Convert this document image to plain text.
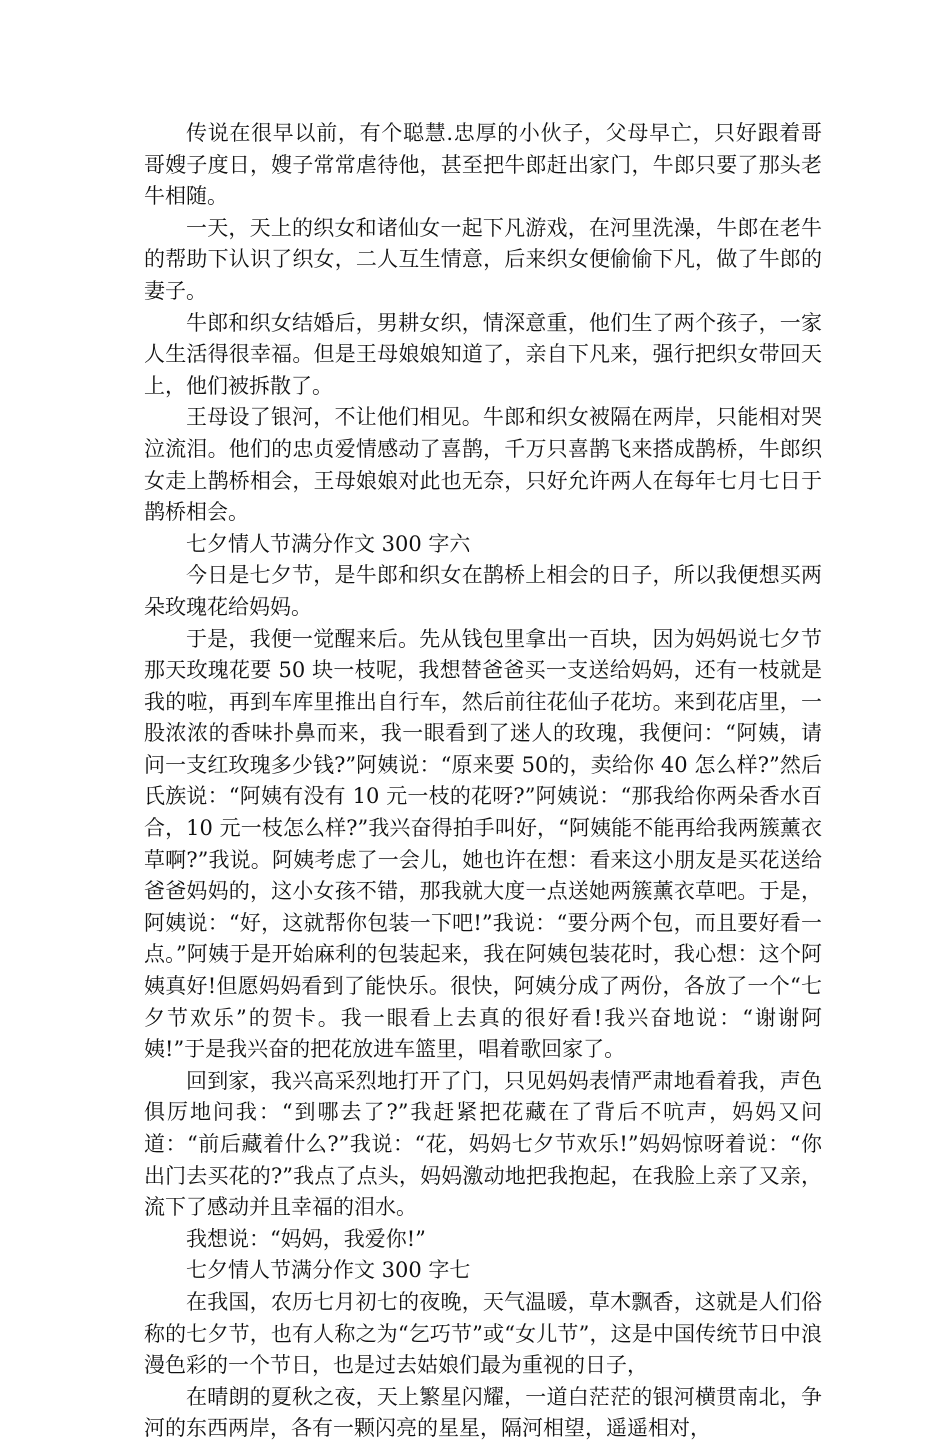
传说在很早以前，有个聪慧.忠厚的小伙子，父母早亡，只好跟着哥哥嫂子度日，嫂子常常虐待他，甚至把牛郎赶出家门，牛郎只要了那头老牛相随。

一天，天上的织女和诸仙女一起下凡游戏，在河里洗澡，牛郎在老牛的帮助下认识了织女，二人互生情意，后来织女便偷偷下凡，做了牛郎的妻子。

牛郎和织女结婚后，男耕女织，情深意重，他们生了两个孩子，一家人生活得很幸福。但是王母娘娘知道了，亲自下凡来，强行把织女带回天上，他们被拆散了。

王母设了银河，不让他们相见。牛郎和织女被隔在两岸，只能相对哭泣流泪。他们的忠贞爱情感动了喜鹊，千万只喜鹊飞来搭成鹊桥，牛郎织女走上鹊桥相会，王母娘娘对此也无奈，只好允许两人在每年七月七日于鹊桥相会。

七夕情人节满分作文 300 字六

今日是七夕节，是牛郎和织女在鹊桥上相会的日子，所以我便想买两朵玫瑰花给妈妈。

于是，我便一觉醒来后。先从钱包里拿出一百块，因为妈妈说七夕节那天玫瑰花要 50 块一枝呢，我想替爸爸买一支送给妈妈，还有一枝就是我的啦，再到车库里推出自行车，然后前往花仙子花坊。来到花店里，一股浓浓的香味扑鼻而来，我一眼看到了迷人的玫瑰，我便问：“阿姨，请问一支红玫瑰多少钱?”阿姨说：“原来要 50的，卖给你 40 怎么样?”然后氏族说：“阿姨有没有 10 元一枝的花呀?”阿姨说：“那我给你两朵香水百合，10 元一枝怎么样?”我兴奋得拍手叫好，“阿姨能不能再给我两簇薰衣草啊?”我说。阿姨考虑了一会儿，她也许在想：看来这小朋友是买花送给爸爸妈妈的，这小女孩不错，那我就大度一点送她两簇薰衣草吧。于是，阿姨说：“好，这就帮你包装一下吧!”我说：“要分两个包，而且要好看一点。”阿姨于是开始麻利的包装起来，我在阿姨包装花时，我心想：这个阿姨真好!但愿妈妈看到了能快乐。很快，阿姨分成了两份，各放了一个“七夕节欢乐”的贺卡。我一眼看上去真的很好看!我兴奋地说：“谢谢阿姨!”于是我兴奋的把花放进车篮里，唱着歌回家了。

回到家，我兴高采烈地打开了门，只见妈妈表情严肃地看着我，声色俱厉地问我：“到哪去了?”我赶紧把花藏在了背后不吭声，妈妈又问道：“前后藏着什么?”我说：“花，妈妈七夕节欢乐!”妈妈惊呀着说：“你出门去买花的?”我点了点头，妈妈激动地把我抱起，在我脸上亲了又亲，流下了感动并且幸福的泪水。

我想说：“妈妈，我爱你!”

七夕情人节满分作文 300 字七

在我国，农历七月初七的夜晚，天气温暖，草木飘香，这就是人们俗称的七夕节，也有人称之为“乞巧节”或“女儿节”，这是中国传统节日中浪漫色彩的一个节日，也是过去姑娘们最为重视的日子，

在晴朗的夏秋之夜，天上繁星闪耀，一道白茫茫的银河横贯南北，争河的东西两岸，各有一颗闪亮的星星，隔河相望，遥遥相对，
